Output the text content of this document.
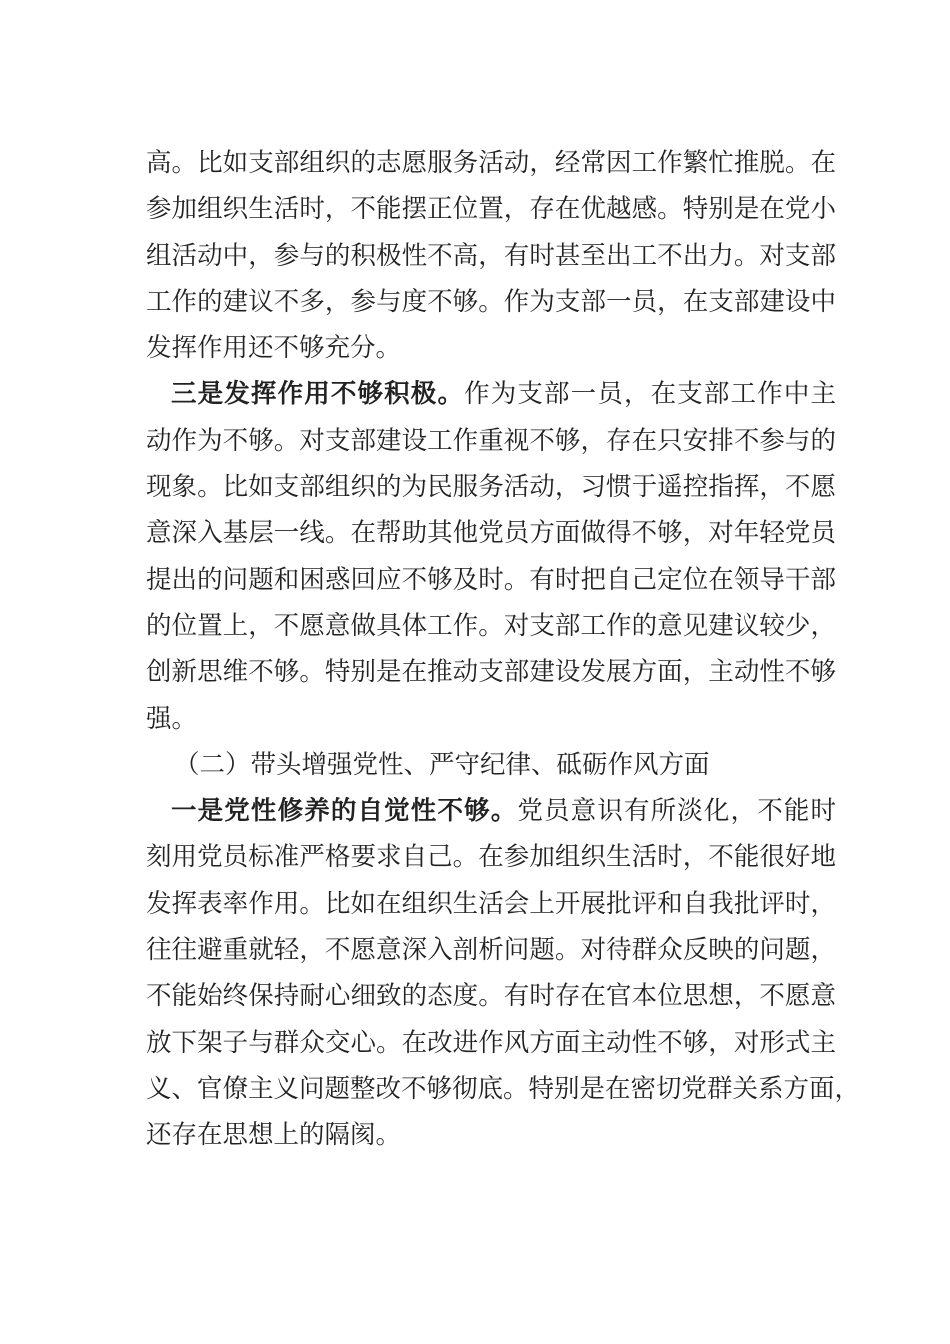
高。比如支部组织的志愿服务活动，经常因工作繁忙推脱。在
参加组织生活时，不能摆正位置，存在优越感。特别是在党小
组活动中，参与的积极性不高，有时甚至出工不出力。对支部
工作的建议不多，参与度不够。作为支部一员，在支部建设中
发挥作用还不够充分。
三是发挥作用不够积极。作为支部一员，在支部工作中主
动作为不够。对支部建设工作重视不够，存在只安排不参与的
现象。比如支部组织的为民服务活动，习惯于遥控指挥，不愿
意深入基层一线。在帮助其他党员方面做得不够，对年轻党员
提出的问题和困惑回应不够及时。有时把自己定位在领导干部
的位置上，不愿意做具体工作。对支部工作的意见建议较少，
创新思维不够。特别是在推动支部建设发展方面，主动性不够
强。
（二）带头增强党性、严守纪律、砥砺作风方面
一是党性修养的自觉性不够。党员意识有所淡化，不能时
刻用党员标准严格要求自己。在参加组织生活时，不能很好地
发挥表率作用。比如在组织生活会上开展批评和自我批评时，
往往避重就轻，不愿意深入剖析问题。对待群众反映的问题，
不能始终保持耐心细致的态度。有时存在官本位思想，不愿意
放下架子与群众交心。在改进作风方面主动性不够，对形式主
义、官僚主义问题整改不够彻底。特别是在密切党群关系方面，
还存在思想上的隔阂。
